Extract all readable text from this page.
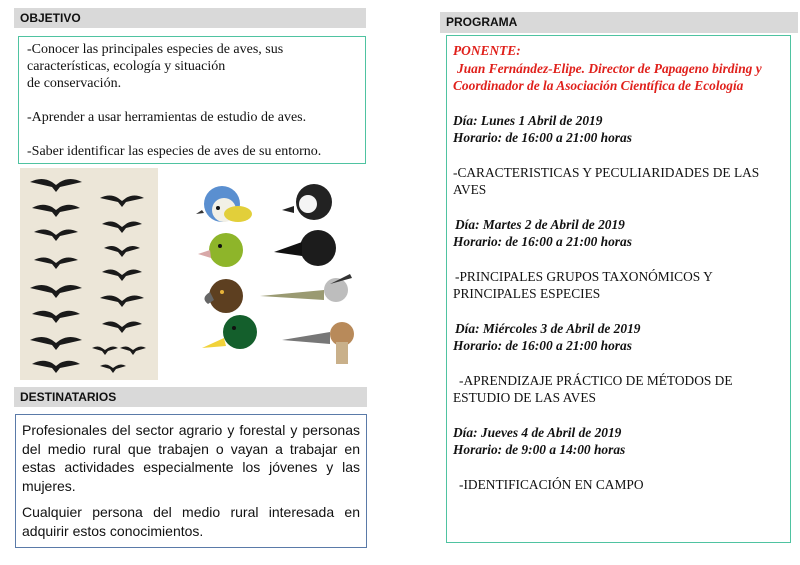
OBJETIVO

-Conocer las principales especies de aves, sus
características, ecología y situación
de conservación.

-Aprender a usar herramientas de estudio de aves.

-Saber identificar las especies de aves de su entorno.

DESTINATARIOS

Profesionales del sector agrario y forestal y personas del medio rural que trabajen o vayan a trabajar en estas actividades especialmente los jóvenes y las mujeres.

Cualquier persona del medio rural interesada en adquirir estos conocimientos.

PROGRAMA
PONENTE:
Juan Fernández-Elipe. Director de Papageno birding y
Coordinador de la Asociación Científica de Ecología
Día: Lunes 1 Abril de 2019
Horario: de 16:00 a 21:00 horas
-CARACTERISTICAS Y PECULIARIDADES DE LAS AVES
Día: Martes 2 de Abril de 2019
Horario: de 16:00 a 21:00 horas
-PRINCIPALES GRUPOS TAXONÓMICOS Y PRINCIPALES ESPECIES
Día: Miércoles 3 de Abril de 2019
Horario: de 16:00 a 21:00 horas
-APRENDIZAJE PRÁCTICO DE MÉTODOS DE ESTUDIO DE LAS AVES
Día: Jueves 4 de Abril de 2019
Horario: de 9:00 a 14:00 horas
-IDENTIFICACIÓN EN CAMPO
